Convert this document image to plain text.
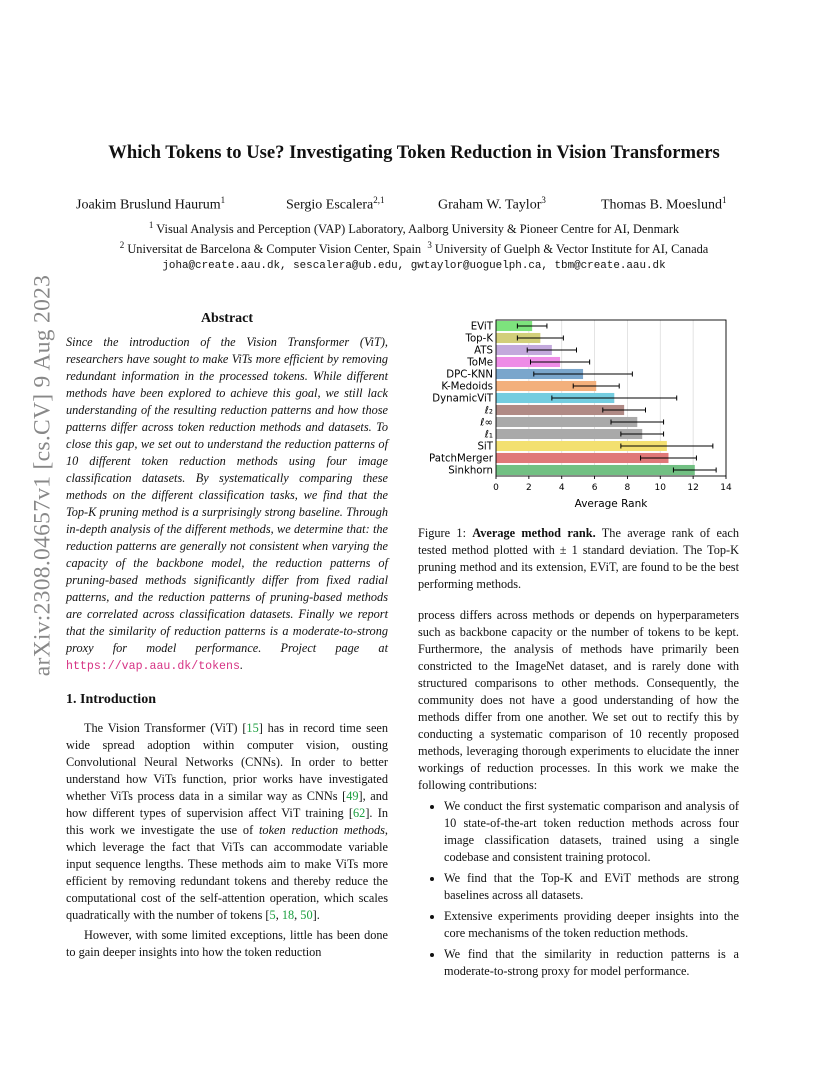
Which Tokens to Use? Investigating Token Reduction in Vision Transformers
Joakim Bruslund Haurum$^1$	Sergio Escalera$^{2,1}$	Graham W. Taylor$^3$	Thomas B. Moeslund$^1$
$^1$ Visual Analysis and Perception (VAP) Laboratory, Aalborg University & Pioneer Centre for AI, Denmark
$^2$ Universitat de Barcelona & Computer Vision Center, Spain $^3$ University of Guelph & Vector Institute for AI, Canada
joha@create.aau.dk, sescalera@ub.edu, gwtaylor@uoguelph.ca, tbm@create.aau.dk
arXiv:2308.04657v1 [cs.CV] 9 Aug 2023	Abstract
Since the introduction of the Vision Transformer (ViT), researchers have sought to make ViTs more efficient by removing redundant information in the processed tokens. While different methods have been explored to achieve this goal, we still lack understanding of the resulting reduction patterns and how those patterns differ across token reduction methods and datasets. To close this gap, we set out to understand the reduction patterns of 10 different token reduction methods using four image classification datasets. By systematically comparing these methods on the different classification tasks, we find that the Top-K pruning method is a surprisingly strong baseline. Through in-depth analysis of the different methods, we determine that: the reduction patterns are generally not consistent when varying the capacity of the backbone model, the reduction patterns of pruning-based methods significantly differ from fixed radial patterns, and the reduction patterns of pruning-based methods are correlated across classification datasets. Finally we report that the similarity of reduction patterns is a moderate-to-strong proxy for model performance. Project page at https://vap.aau.dk/tokens.
1. Introduction

The Vision Transformer (ViT) [15] has in record time seen wide spread adoption within computer vision, ousting Convolutional Neural Networks (CNNs). In order to better understand how ViTs function, prior works have investigated whether ViTs process data in a similar way as CNNs [49], and how different types of supervision affect ViT training [62]. In this work we investigate the use of token reduction methods, which leverage the fact that ViTs can accommodate variable input sequence lengths. These methods aim to make ViTs more efficient by removing redundant tokens and thereby reduce the computational cost of the self-attention operation, which scales quadratically with the number of tokens [5, 18, 50].

However, with some limited exceptions, little has been done to gain deeper insights into how the token reduction

EViT
Top-K
ATS
ToMe
DPC-KNN
K-Medoids
DynamicViT
ℓ₂
ℓ∞
ℓ₁
SiT
PatchMerger
Sinkhorn
0	2	4	6	8	10 12 14
Average Rank
Figure 1: Average method rank. The average rank of each tested method plotted with ± 1 standard deviation. The Top-K pruning method and its extension, EViT, are found to be the best performing methods.

process differs across methods or depends on hyperparameters such as backbone capacity or the number of tokens to be kept. Furthermore, the analysis of methods have primarily been constricted to the ImageNet dataset, and is rarely done with structured comparisons to other methods. Consequently, the community does not have a good understanding of how the methods differ from one another. We set out to rectify this by conducting a systematic comparison of 10 recently proposed methods, leveraging thorough experiments to elucidate the inner workings of reduction processes. In this work we make the following contributions:

• We conduct the first systematic comparison and analysis of 10 state-of-the-art token reduction methods across four image classification datasets, trained using a single codebase and consistent training protocol.
• We find that the Top-K and EViT methods are strong baselines across all datasets.
• Extensive experiments providing deeper insights into the core mechanisms of the token reduction methods.
• We find that the similarity in reduction patterns is a moderate-to-strong proxy for model performance.
